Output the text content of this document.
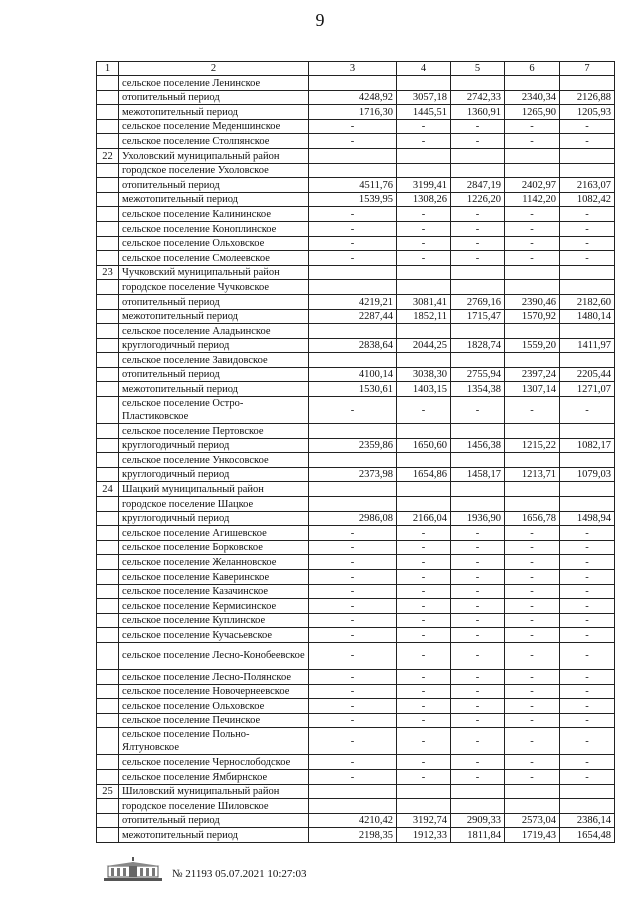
9
1	2	3	4	5	6	7
	сельское поселение Ленинское					
	отопительный период	4248,92	3057,18	2742,33	2340,34	2126,88
	межотопительный период	1716,30	1445,51	1360,91	1265,90	1205,93
	сельское поселение Меденшинское	-	-	-	-	-
	сельское поселение Столпянское	-	-	-	-	-
22	Ухоловский муниципальный район					
	городское поселение Ухоловское					
	отопительный период	4511,76	3199,41	2847,19	2402,97	2163,07
	межотопительный период	1539,95	1308,26	1226,20	1142,20	1082,42
	сельское поселение Калининское	-	-	-	-	-
	сельское поселение Коноплинское	-	-	-	-	-
	сельское поселение Ольховское	-	-	-	-	-
	сельское поселение Смолеевское	-	-	-	-	-
23	Чучковский муниципальный район					
	городское поселение Чучковское					
	отопительный период	4219,21	3081,41	2769,16	2390,46	2182,60
	межотопительный период	2287,44	1852,11	1715,47	1570,92	1480,14
	сельское поселение Аладьинское					
	круглогодичный период	2838,64	2044,25	1828,74	1559,20	1411,97
	сельское поселение Завидовское					
	отопительный период	4100,14	3038,30	2755,94	2397,24	2205,44
	межотопительный период	1530,61	1403,15	1354,38	1307,14	1271,07
	сельское поселение Остро-Пластиковское	-	-	-	-	-
	сельское поселение Пертовское					
	круглогодичный период	2359,86	1650,60	1456,38	1215,22	1082,17
	сельское поселение Ункосовское					
	круглогодичный период	2373,98	1654,86	1458,17	1213,71	1079,03
24	Шацкий муниципальный район					
	городское поселение Шацкое					
	круглогодичный период	2986,08	2166,04	1936,90	1656,78	1498,94
	сельское поселение Агишевское	-	-	-	-	-
	сельское поселение Борковское	-	-	-	-	-
	сельское поселение Желанновское	-	-	-	-	-
	сельское поселение Каверинское	-	-	-	-	-
	сельское поселение Казачинское	-	-	-	-	-
	сельское поселение Кермисинское	-	-	-	-	-
	сельское поселение Куплинское	-	-	-	-	-
	сельское поселение Кучасьевское	-	-	-	-	-
	сельское поселение Лесно-Конобеевское	-	-	-	-	-
	сельское поселение Лесно-Полянское	-	-	-	-	-
	сельское поселение Новочернеевское	-	-	-	-	-
	сельское поселение Ольховское	-	-	-	-	-
	сельское поселение Печинское	-	-	-	-	-
	сельское поселение Польно-Ялтуновское	-	-	-	-	-
	сельское поселение Чернослободское	-	-	-	-	-
	сельское поселение Ямбирнское	-	-	-	-	-
25	Шиловский муниципальный район					
	городское поселение Шиловское					
	отопительный период	4210,42	3192,74	2909,33	2573,04	2386,14
	межотопительный период	2198,35	1912,33	1811,84	1719,43	1654,48
№ 21193 05.07.2021 10:27:03
